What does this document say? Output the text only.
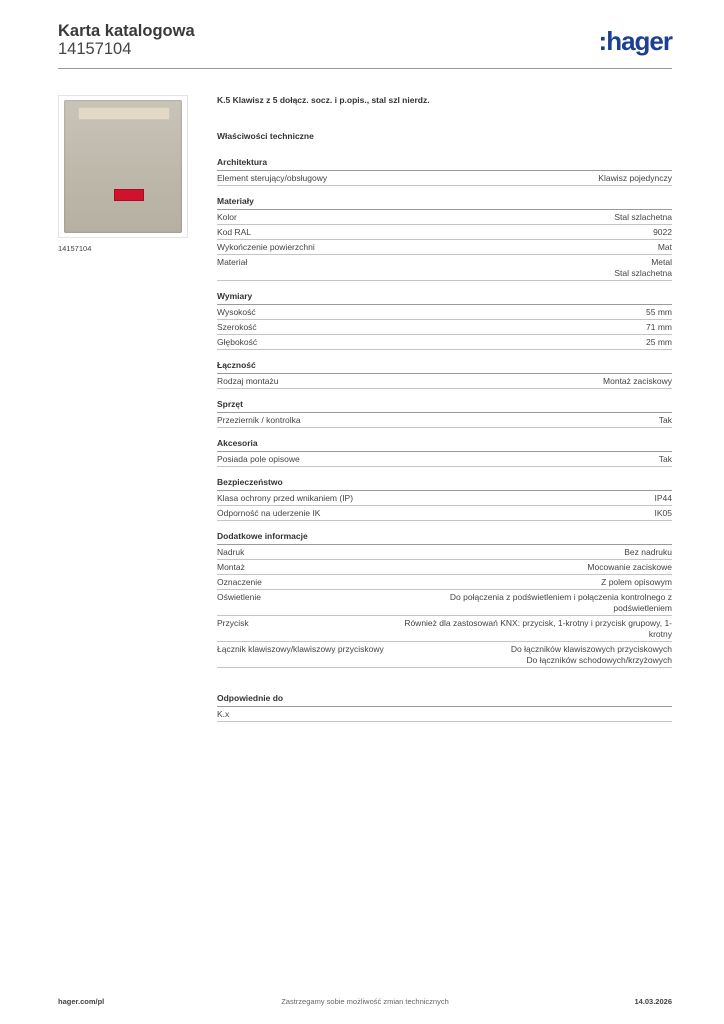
Karta katalogowa
14157104	:hager
14157104
K.5 Klawisz z 5 dołącz. socz. i p.opis., stal szl nierdz.
Właściwości techniczne
Architektura
Element sterujący/obsługowy	Klawisz pojedynczy
Materiały
Kolor	Stal szlachetna
Kod RAL	9022
Wykończenie powierzchni	Mat
Materiał	Metal
Stal szlachetna
Wymiary
Wysokość	55 mm
Szerokość	71 mm
Głębokość	25 mm
Łączność
Rodzaj montażu	Montaż zaciskowy
Sprzęt
Przeziernik / kontrolka	Tak
Akcesoria
Posiada pole opisowe	Tak
Bezpieczeństwo
Klasa ochrony przed wnikaniem (IP)	IP44
Odporność na uderzenie IK	IK05
Dodatkowe informacje
Nadruk	Bez nadruku
Montaż	Mocowanie zaciskowe
Oznaczenie	Z polem opisowym
Oświetlenie	Do połączenia z podświetleniem i połączenia kontrolnego z podświetleniem
Przycisk	Również dla zastosowań KNX: przycisk, 1-krotny i przycisk grupowy, 1-krotny
Łącznik klawiszowy/klawiszowy przyciskowy	Do łączników klawiszowych przyciskowych
Do łączników schodowych/krzyżowych
Odpowiednie do
K.x
hager.com/pl	Zastrzegamy sobie możliwość zmian technicznych	14.03.2026
